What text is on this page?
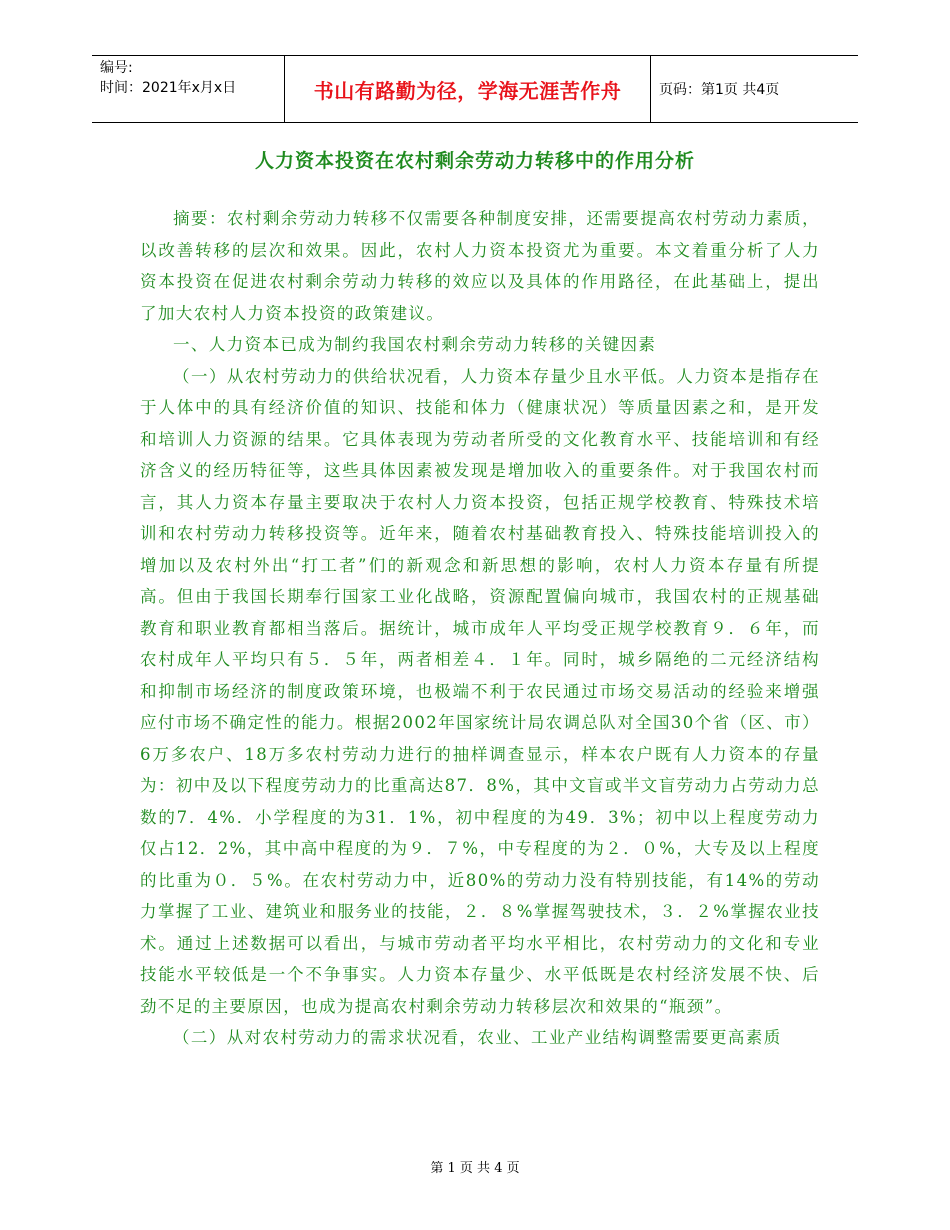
编号:
时间：2021年x月x日	书山有路勤为径，学海无涯苦作舟	页码：第1页 共4页
人力资本投资在农村剩余劳动力转移中的作用分析

摘要：农村剩余劳动力转移不仅需要各种制度安排，还需要提高农村劳动力素质，以改善转移的层次和效果。因此，农村人力资本投资尤为重要。本文着重分析了人力资本投资在促进农村剩余劳动力转移的效应以及具体的作用路径，在此基础上，提出了加大农村人力资本投资的政策建议。

一、人力资本已成为制约我国农村剩余劳动力转移的关键因素

（一）从农村劳动力的供给状况看，人力资本存量少且水平低。人力资本是指存在于人体中的具有经济价值的知识、技能和体力（健康状况）等质量因素之和，是开发和培训人力资源的结果。它具体表现为劳动者所受的文化教育水平、技能培训和有经济含义的经历特征等，这些具体因素被发现是增加收入的重要条件。对于我国农村而言，其人力资本存量主要取决于农村人力资本投资，包括正规学校教育、特殊技术培训和农村劳动力转移投资等。近年来，随着农村基础教育投入、特殊技能培训投入的增加以及农村外出“打工者”们的新观念和新思想的影响，农村人力资本存量有所提高。但由于我国长期奉行国家工业化战略，资源配置偏向城市，我国农村的正规基础教育和职业教育都相当落后。据统计，城市成年人平均受正规学校教育９．６年，而农村成年人平均只有５．５年，两者相差４．１年。同时，城乡隔绝的二元经济结构和抑制市场经济的制度政策环境，也极端不利于农民通过市场交易活动的经验来增强应付市场不确定性的能力。根据2002年国家统计局农调总队对全国30个省（区、市）6万多农户、18万多农村劳动力进行的抽样调查显示，样本农户既有人力资本的存量为：初中及以下程度劳动力的比重高达87．8%，其中文盲或半文盲劳动力占劳动力总数的7．4%．小学程度的为31．1%，初中程度的为49．3%；初中以上程度劳动力仅占12．2%，其中高中程度的为９．７%，中专程度的为２．０%，大专及以上程度的比重为０．５%。在农村劳动力中，近80%的劳动力没有特别技能，有14%的劳动力掌握了工业、建筑业和服务业的技能，２．８%掌握驾驶技术，３．２%掌握农业技术。通过上述数据可以看出，与城市劳动者平均水平相比，农村劳动力的文化和专业技能水平较低是一个不争事实。人力资本存量少、水平低既是农村经济发展不快、后劲不足的主要原因，也成为提高农村剩余劳动力转移层次和效果的“瓶颈”。

（二）从对农村劳动力的需求状况看，农业、工业产业结构调整需要更高素质

第 1 页 共 4 页
